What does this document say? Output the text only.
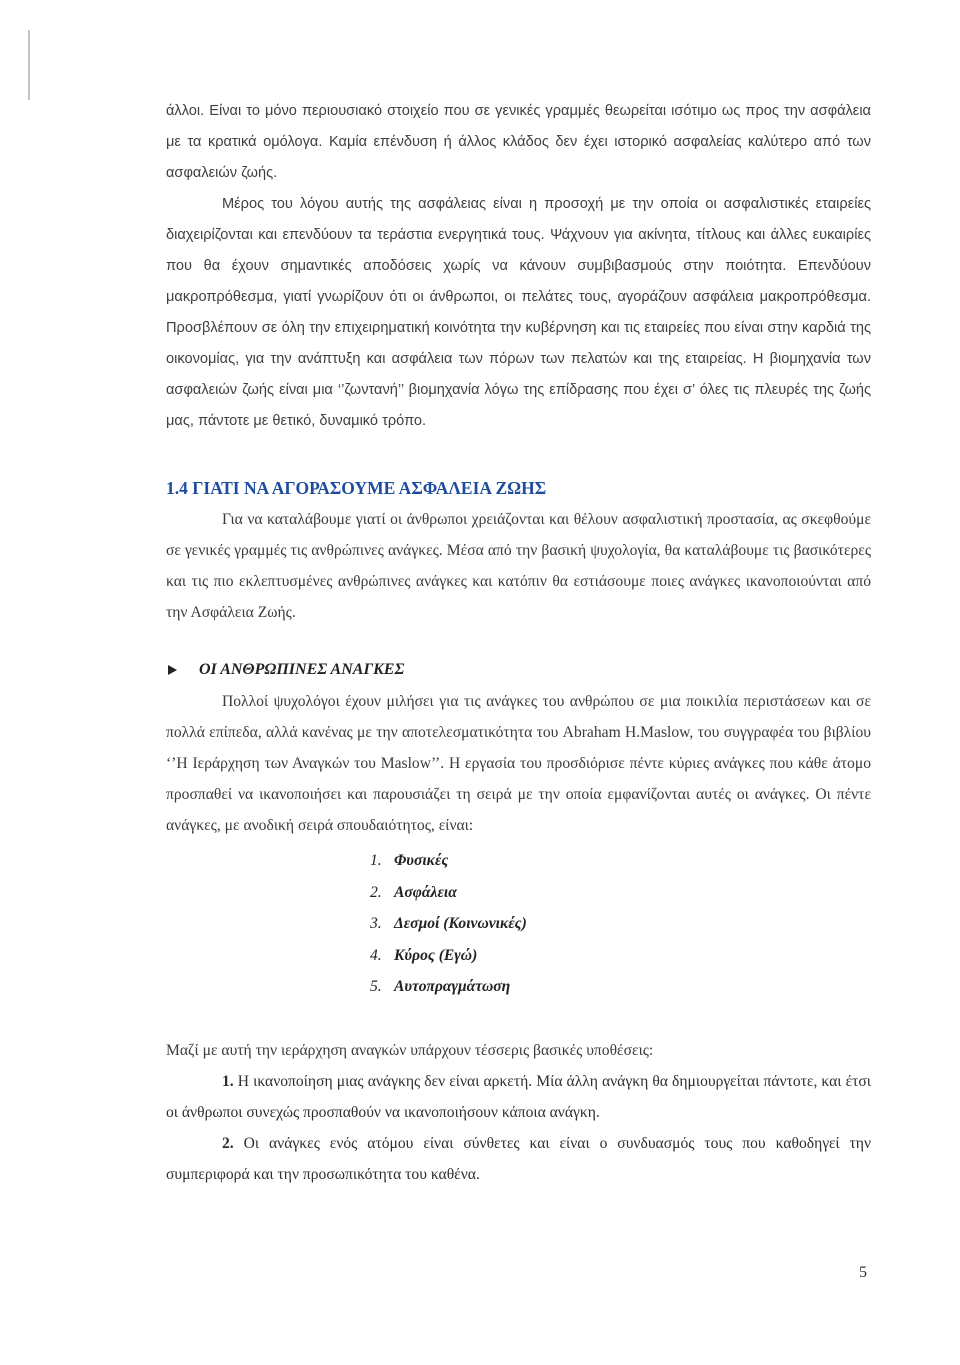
άλλοι. Είναι το μόνο περιουσιακό στοιχείο που σε γενικές γραμμές θεωρείται ισότιμο ως προς την ασφάλεια με τα κρατικά ομόλογα. Καμία επένδυση ή άλλος κλάδος δεν έχει ιστορικό ασφαλείας καλύτερο από των ασφαλειών ζωής.

Μέρος του λόγου αυτής της ασφάλειας είναι η προσοχή με την οποία οι ασφαλιστικές εταιρείες διαχειρίζονται και επενδύουν τα τεράστια ενεργητικά τους. Ψάχνουν για ακίνητα, τίτλους και άλλες ευκαιρίες που θα έχουν σημαντικές αποδόσεις χωρίς να κάνουν συμβιβασμούς στην ποιότητα. Επενδύουν μακροπρόθεσμα, γιατί γνωρίζουν ότι οι άνθρωποι, οι πελάτες τους, αγοράζουν ασφάλεια μακροπρόθεσμα. Προσβλέπουν σε όλη την επιχειρηματική κοινότητα την κυβέρνηση και τις εταιρείες που είναι στην καρδιά της οικονομίας, για την ανάπτυξη και ασφάλεια των πόρων των πελατών και της εταιρείας. Η βιομηχανία των ασφαλειών ζωής είναι μια ‘’ζωντανή’’ βιομηχανία λόγω της επίδρασης που έχει σ’ όλες τις πλευρές της ζωής μας, πάντοτε με θετικό, δυναμικό τρόπο.

1.4 ΓΙΑΤΙ ΝΑ ΑΓΟΡΑΣΟΥΜΕ ΑΣΦΑΛΕΙΑ ΖΩΗΣ

Για να καταλάβουμε γιατί οι άνθρωποι χρειάζονται και θέλουν ασφαλιστική προστασία, ας σκεφθούμε σε γενικές γραμμές τις ανθρώπινες ανάγκες. Μέσα από την βασική ψυχολογία, θα καταλάβουμε τις βασικότερες και τις πιο εκλεπτυσμένες ανθρώπινες ανάγκες και κατόπιν θα εστιάσουμε ποιες ανάγκες ικανοποιούνται από την Ασφάλεια Ζωής.

ΟΙ ΑΝΘΡΩΠΙΝΕΣ ΑΝΑΓΚΕΣ

Πολλοί ψυχολόγοι έχουν μιλήσει για τις ανάγκες του ανθρώπου σε μια ποικιλία περιστάσεων και σε πολλά επίπεδα, αλλά κανένας με την αποτελεσματικότητα του Abraham H.Maslow, του συγγραφέα του βιβλίου ‘’Η Ιεράρχηση των Αναγκών του Maslow’’. Η εργασία του προσδιόρισε πέντε κύριες ανάγκες που κάθε άτομο προσπαθεί να ικανοποιήσει και παρουσιάζει τη σειρά με την οποία εμφανίζονται αυτές οι ανάγκες. Οι πέντε ανάγκες, με ανοδική σειρά σπουδαιότητος, είναι:

1. Φυσικές
2. Ασφάλεια
3. Δεσμοί (Κοινωνικές)
4. Κύρος (Εγώ)
5. Αυτοπραγμάτωση

Μαζί με αυτή την ιεράρχηση αναγκών υπάρχουν τέσσερις βασικές υποθέσεις:

1. Η ικανοποίηση μιας ανάγκης δεν είναι αρκετή. Μία άλλη ανάγκη θα δημιουργείται πάντοτε, και έτσι οι άνθρωποι συνεχώς προσπαθούν να ικανοποιήσουν κάποια ανάγκη.
2. Οι ανάγκες ενός ατόμου είναι σύνθετες και είναι ο συνδυασμός τους που καθοδηγεί την συμπεριφορά και την προσωπικότητα του καθένα.
5
